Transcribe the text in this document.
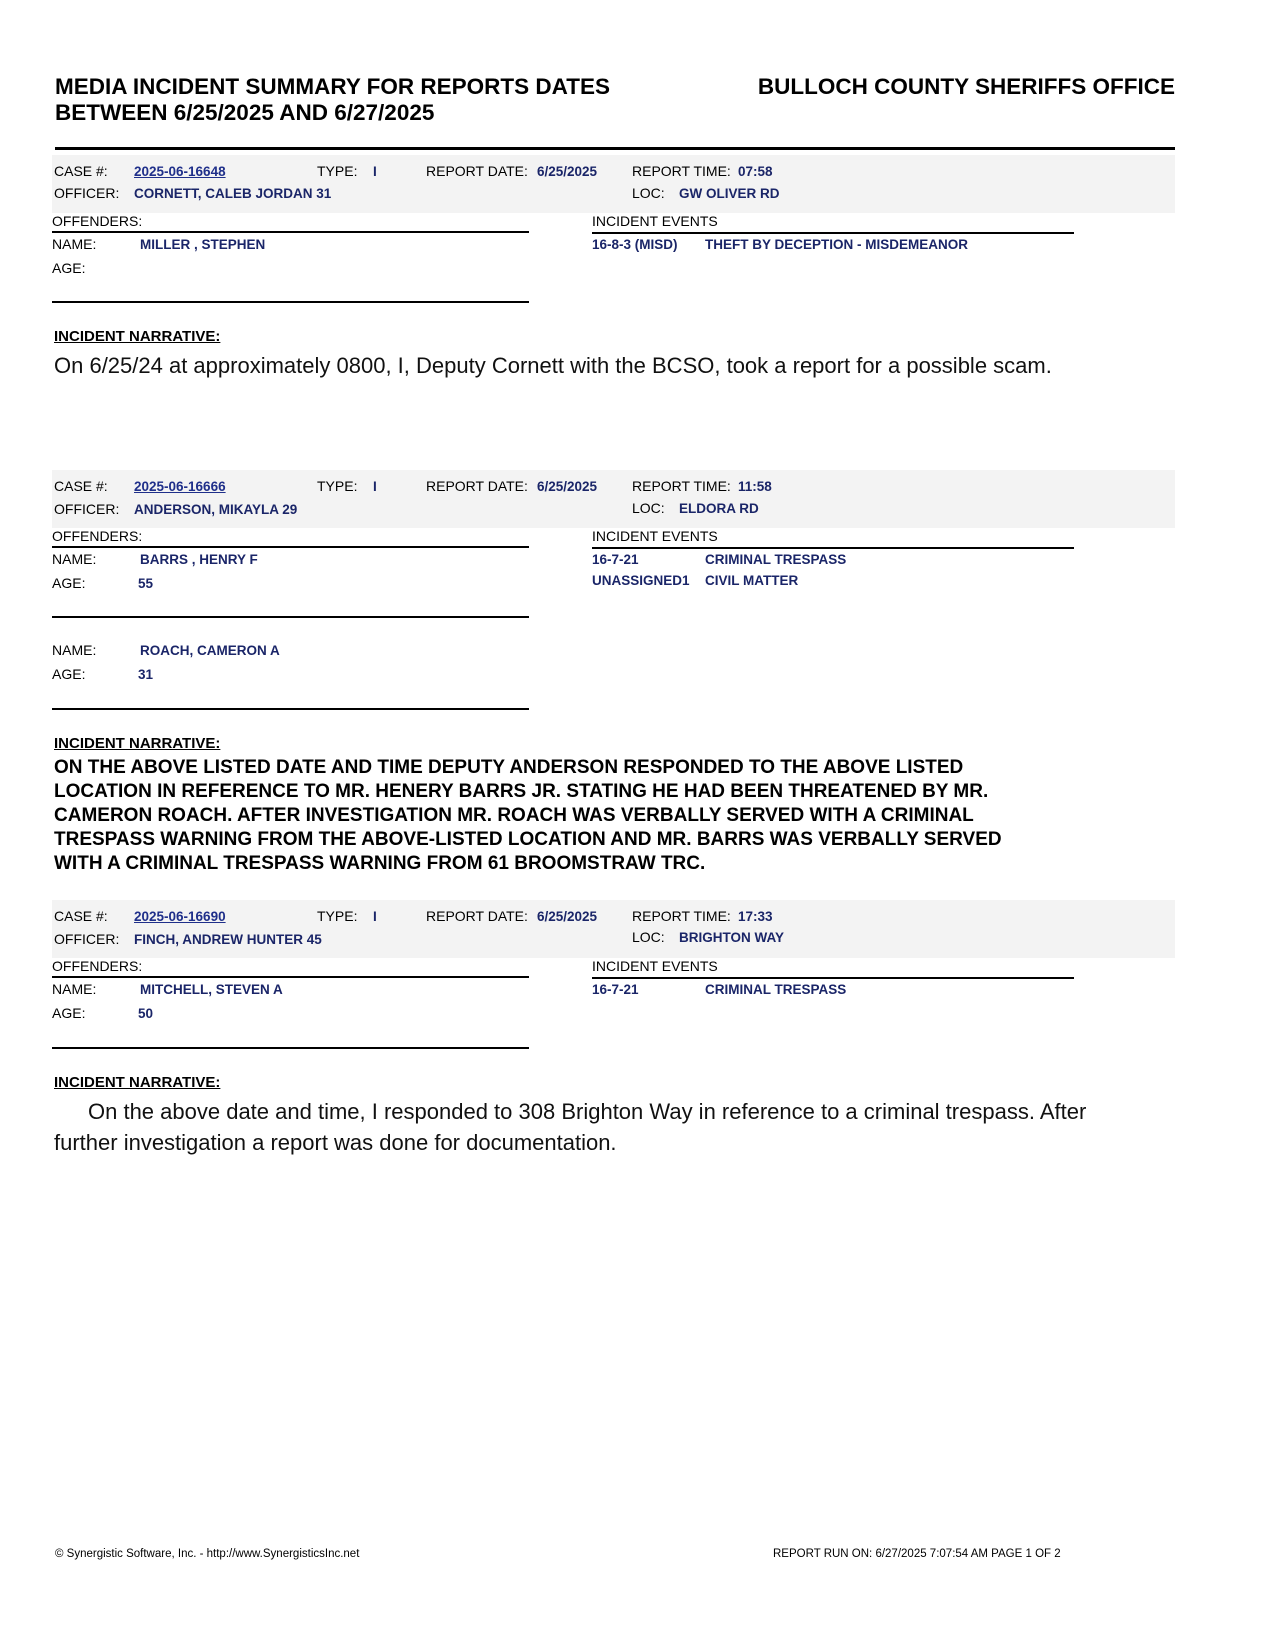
MEDIA INCIDENT SUMMARY FOR REPORTS DATES
BETWEEN 6/25/2025 AND 6/27/2025
BULLOCH COUNTY SHERIFFS OFFICE
CASE #: 2025-06-16648	TYPE: I	REPORT DATE: 6/25/2025 REPORT TIME: 07:58
OFFICER: CORNETT, CALEB JORDAN 31	LOC: GW OLIVER RD
OFFENDERS:	INCIDENT EVENTS
NAME:	MILLER , STEPHEN
AGE:
16-8-3 (MISD) THEFT BY DECEPTION - MISDEMEANOR
INCIDENT NARRATIVE:
On 6/25/24 at approximately 0800, I, Deputy Cornett with the BCSO, took a report for a possible scam.
CASE #: 2025-06-16666	TYPE: I	REPORT DATE: 6/25/2025 REPORT TIME: 11:58
OFFICER: ANDERSON, MIKAYLA 29	LOC: ELDORA RD
OFFENDERS:	INCIDENT EVENTS
NAME:	BARRS , HENRY F
AGE:	55
NAME:	ROACH, CAMERON A
AGE:	31
16-7-21	CRIMINAL TRESPASS
UNASSIGNED1 CIVIL MATTER
INCIDENT NARRATIVE:
ON THE ABOVE LISTED DATE AND TIME DEPUTY ANDERSON RESPONDED TO THE ABOVE LISTED
LOCATION IN REFERENCE TO MR. HENERY BARRS JR. STATING HE HAD BEEN THREATENED BY MR.
CAMERON ROACH. AFTER INVESTIGATION MR. ROACH WAS VERBALLY SERVED WITH A CRIMINAL
TRESPASS WARNING FROM THE ABOVE-LISTED LOCATION AND MR. BARRS WAS VERBALLY SERVED
WITH A CRIMINAL TRESPASS WARNING FROM 61 BROOMSTRAW TRC.
CASE #: 2025-06-16690	TYPE: I	REPORT DATE: 6/25/2025 REPORT TIME: 17:33
OFFICER: FINCH, ANDREW HUNTER 45	LOC: BRIGHTON WAY
OFFENDERS:	INCIDENT EVENTS
NAME:	MITCHELL, STEVEN A
AGE:	50
16-7-21	CRIMINAL TRESPASS
INCIDENT NARRATIVE:
On the above date and time, I responded to 308 Brighton Way in reference to a criminal trespass. After
further investigation a report was done for documentation.
© Synergistic Software, Inc. - http://www.SynergisticsInc.net	REPORT RUN ON: 6/27/2025 7:07:54 AM PAGE 1 OF 2
